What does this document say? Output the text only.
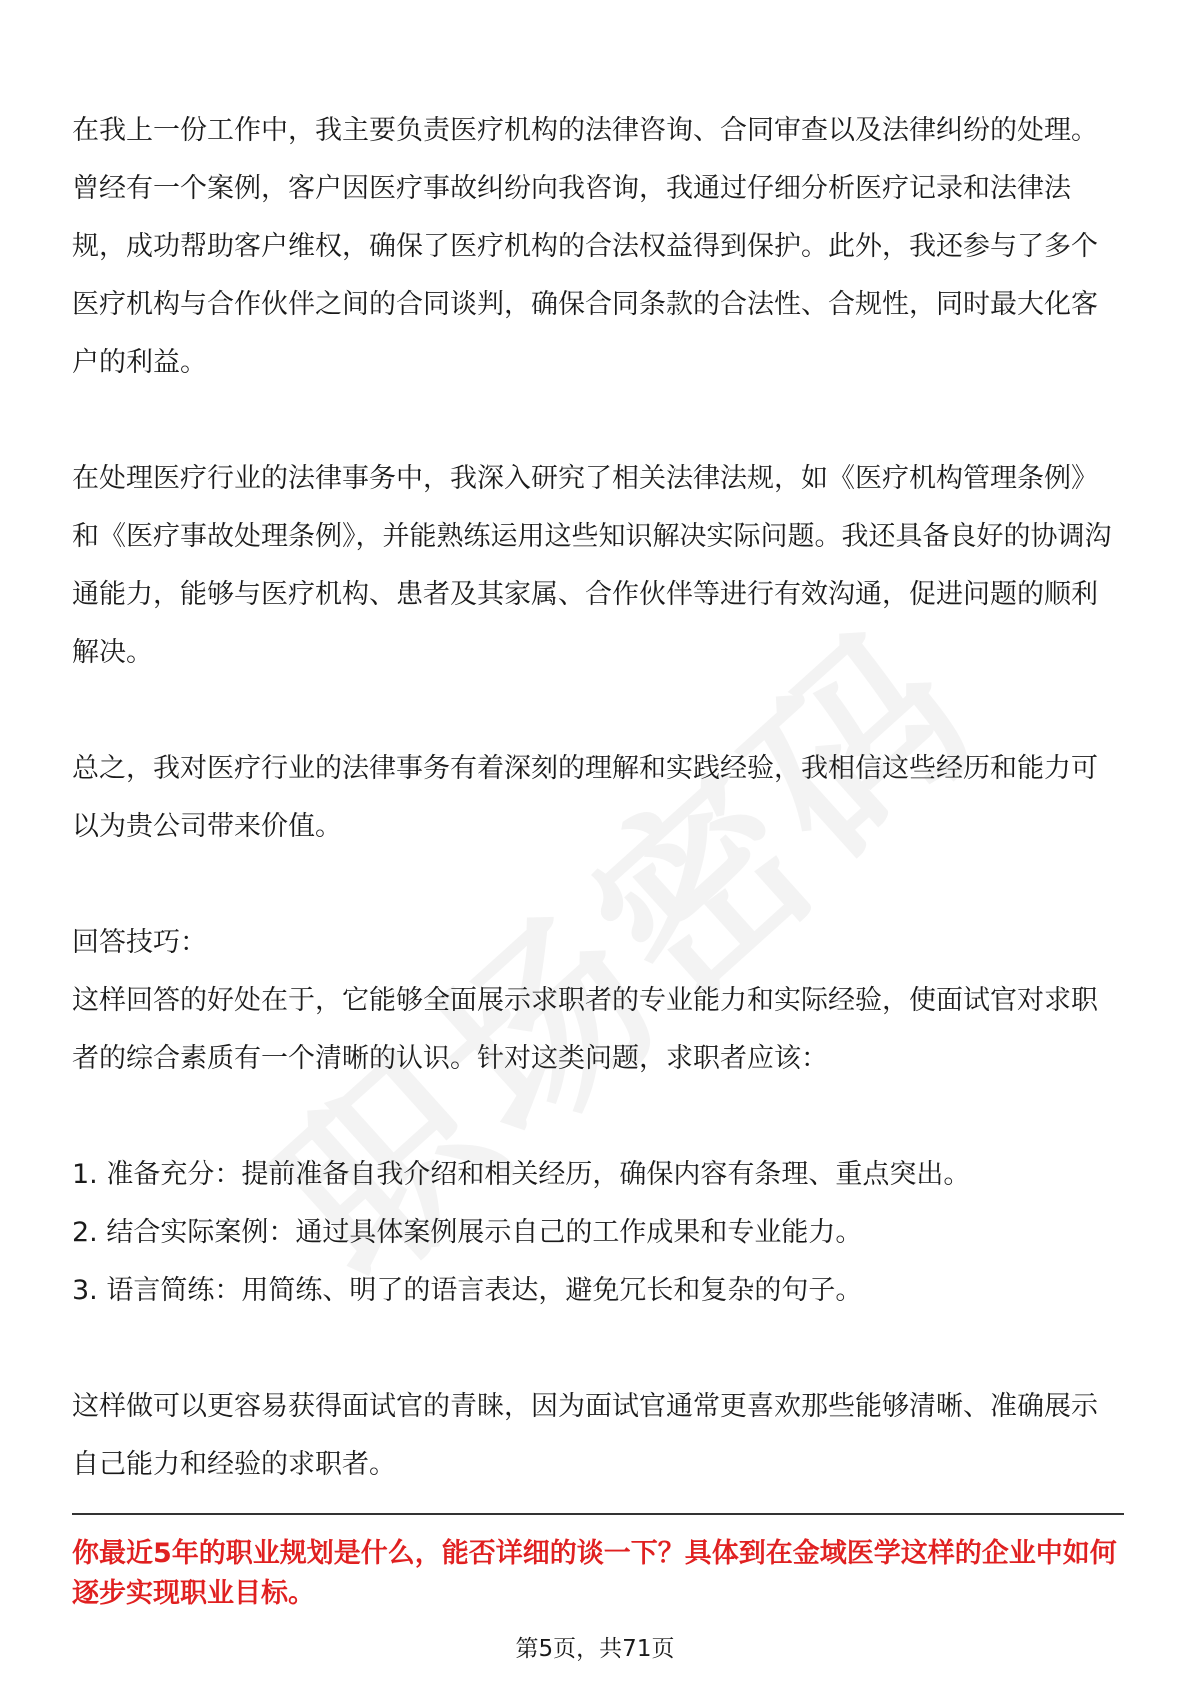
在我上一份工作中，我主要负责医疗机构的法律咨询、合同审查以及法律纠纷的处理。曾经有一个案例，客户因医疗事故纠纷向我咨询，我通过仔细分析医疗记录和法律法规，成功帮助客户维权，确保了医疗机构的合法权益得到保护。此外，我还参与了多个医疗机构与合作伙伴之间的合同谈判，确保合同条款的合法性、合规性，同时最大化客户的利益。

在处理医疗行业的法律事务中，我深入研究了相关法律法规，如《医疗机构管理条例》和《医疗事故处理条例》，并能熟练运用这些知识解决实际问题。我还具备良好的协调沟通能力，能够与医疗机构、患者及其家属、合作伙伴等进行有效沟通，促进问题的顺利解决。

总之，我对医疗行业的法律事务有着深刻的理解和实践经验，我相信这些经历和能力可以为贵公司带来价值。

回答技巧：

这样回答的好处在于，它能够全面展示求职者的专业能力和实际经验，使面试官对求职者的综合素质有一个清晰的认识。针对这类问题，求职者应该：

1. 准备充分：提前准备自我介绍和相关经历，确保内容有条理、重点突出。

2. 结合实际案例：通过具体案例展示自己的工作成果和专业能力。

3. 语言简练：用简练、明了的语言表达，避免冗长和复杂的句子。

这样做可以更容易获得面试官的青睐，因为面试官通常更喜欢那些能够清晰、准确展示自己能力和经验的求职者。

你最近5年的职业规划是什么，能否详细的谈一下？具体到在金域医学这样的企业中如何逐步实现职业目标。

第5页，共71页
